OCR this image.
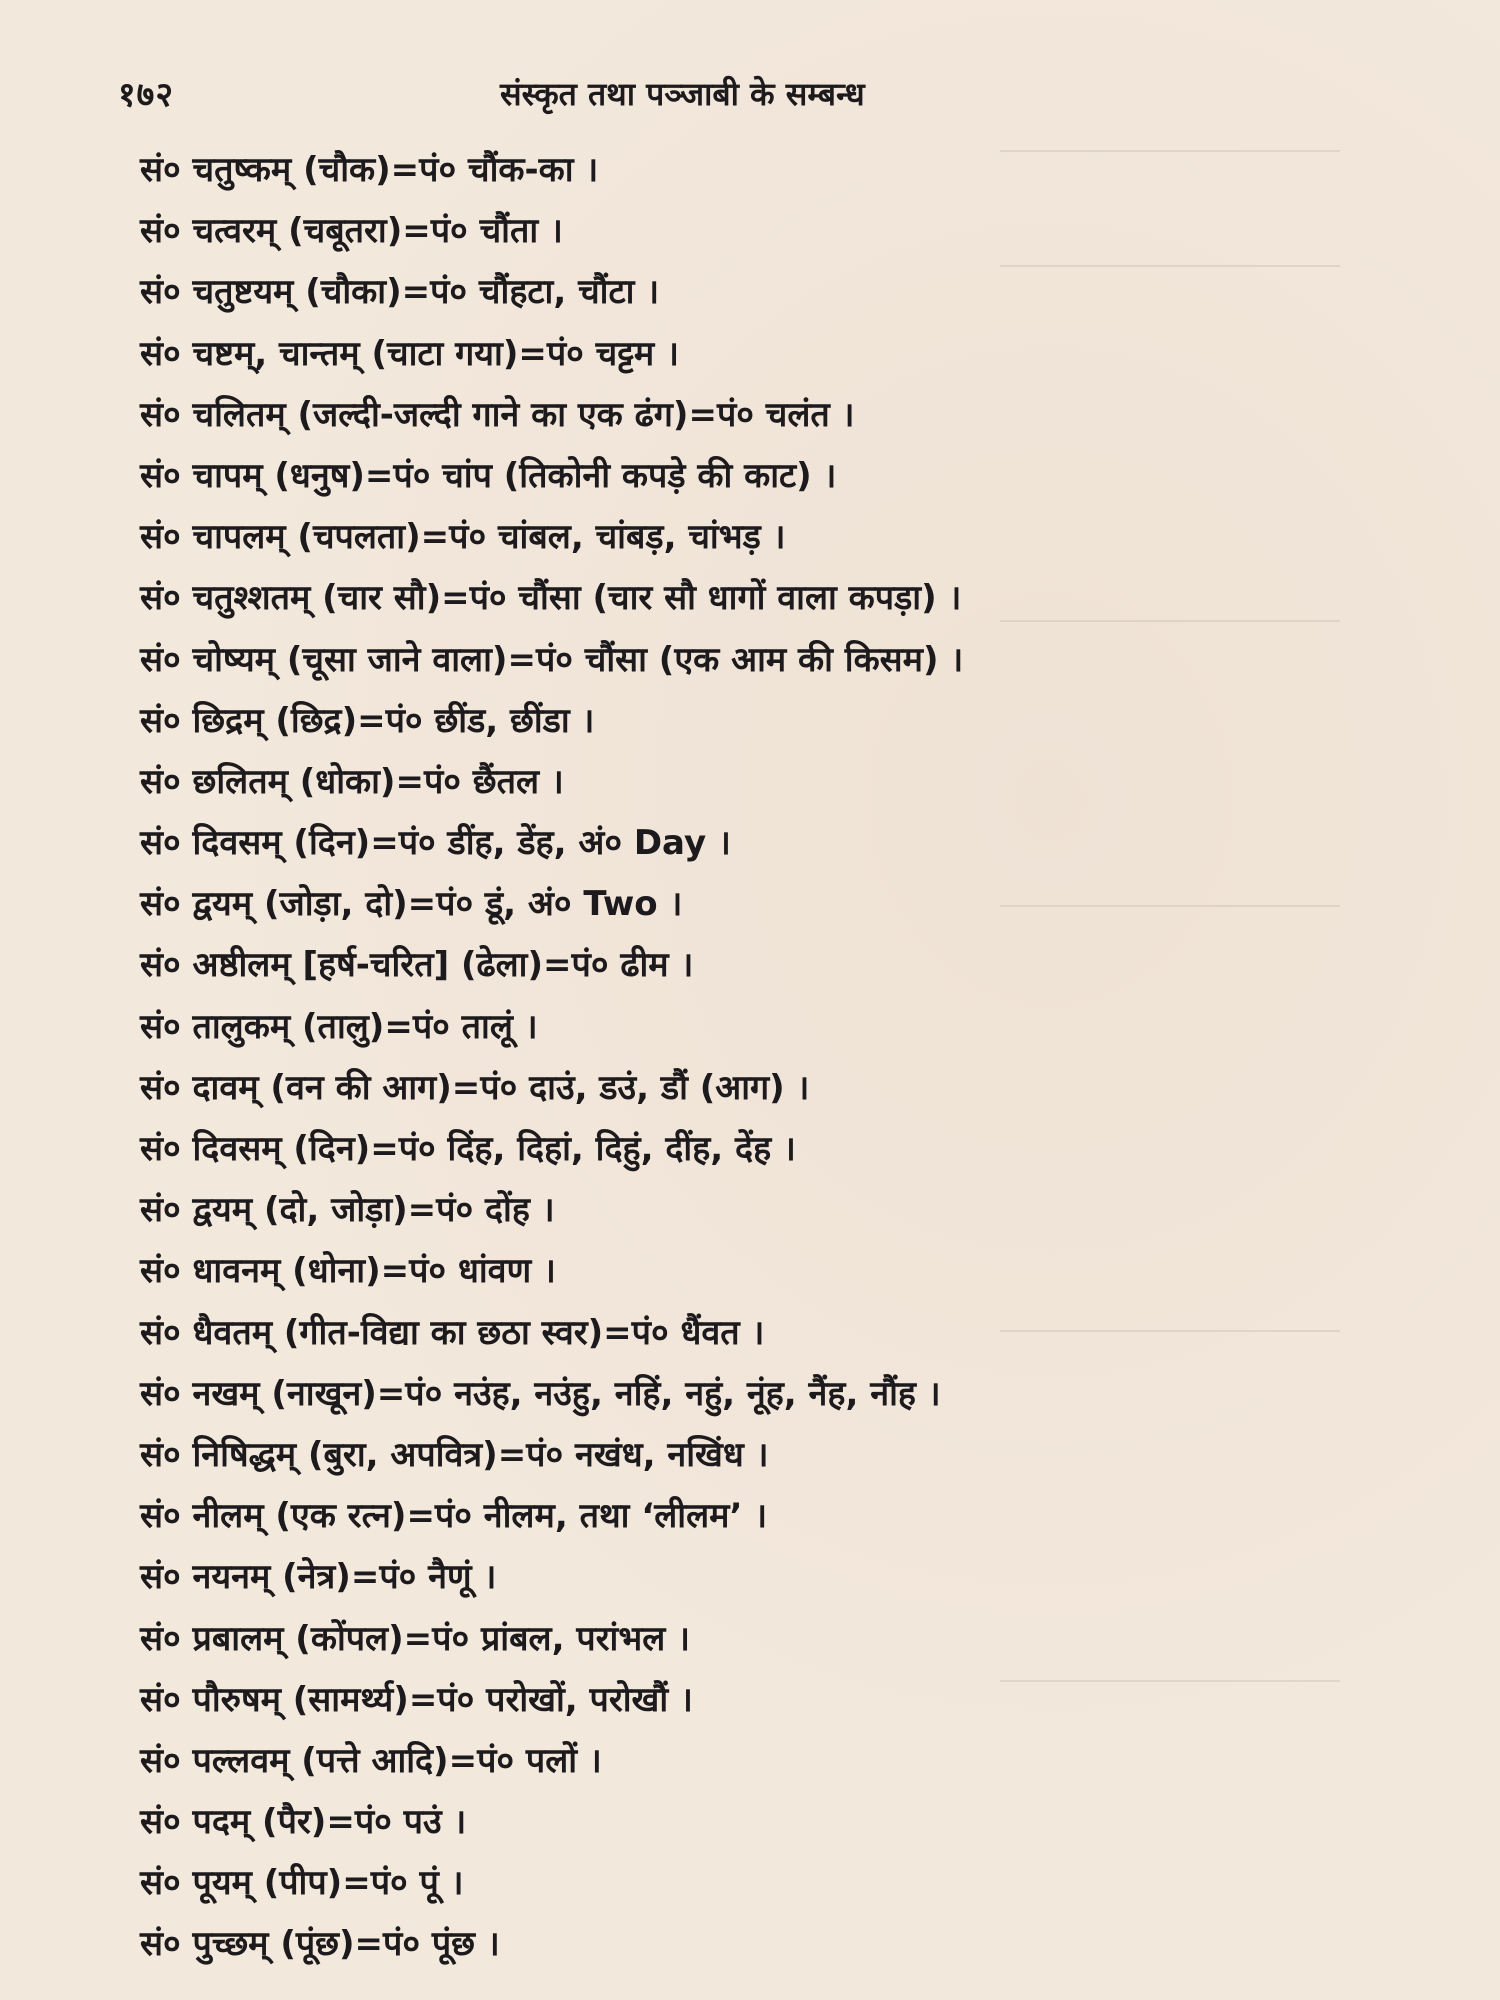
१७२	संस्कृत तथा पञ्जाबी के सम्बन्ध
सं० चतुष्कम् (चौक)=पं० चौंक-का ।
सं० चत्वरम् (चबूतरा)=पं० चौंता ।
सं० चतुष्टयम् (चौका)=पं० चौंहटा, चौंटा ।
सं० चष्टम्, चान्तम् (चाटा गया)=पं० चट्टम ।
सं० चलितम् (जल्दी-जल्दी गाने का एक ढंग)=पं० चलंत ।
सं० चापम् (धनुष)=पं० चांप (तिकोनी कपड़े की काट) ।
सं० चापलम् (चपलता)=पं० चांबल, चांबड़, चांभड़ ।
सं० चतुश्शतम् (चार सौ)=पं० चौंसा (चार सौ धागों वाला कपड़ा) ।
सं० चोष्यम् (चूसा जाने वाला)=पं० चौंसा (एक आम की किसम) ।
सं० छिद्रम् (छिद्र)=पं० छींड, छींडा ।
सं० छलितम् (धोका)=पं० छैंतल ।
सं० दिवसम् (दिन)=पं० डींह, डेंह, अं० Day ।
सं० द्वयम् (जोड़ा, दो)=पं० डूं, अं० Two ।
सं० अष्ठीलम् [हर्ष-चरित] (ढेला)=पं० ढीम ।
सं० तालुकम् (तालु)=पं० तालूं ।
सं० दावम् (वन की आग)=पं० दाउं, डउं, डौं (आग) ।
सं० दिवसम् (दिन)=पं० दिंह, दिहां, दिहुं, दींह, देंह ।
सं० द्वयम् (दो, जोड़ा)=पं० दोंह ।
सं० धावनम् (धोना)=पं० धांवण ।
सं० धैवतम् (गीत-विद्या का छठा स्वर)=पं० धैंवत ।
सं० नखम् (नाखून)=पं० नउंह, नउंहु, नहिं, नहुं, नूंह, नैंह, नौंह ।
सं० निषिद्धम् (बुरा, अपवित्र)=पं० नखंध, नखिंध ।
सं० नीलम् (एक रत्न)=पं० नीलम, तथा ‘लीलम’ ।
सं० नयनम् (नेत्र)=पं० नैणूं ।
सं० प्रबालम् (कोंपल)=पं० प्रांबल, परांभल ।
सं० पौरुषम् (सामर्थ्य)=पं० परोखों, परोखौं ।
सं० पल्लवम् (पत्ते आदि)=पं० पलों ।
सं० पदम् (पैर)=पं० पउं ।
सं० पूयम् (पीप)=पं० पूं ।
सं० पुच्छम् (पूंछ)=पं० पूंछ ।
